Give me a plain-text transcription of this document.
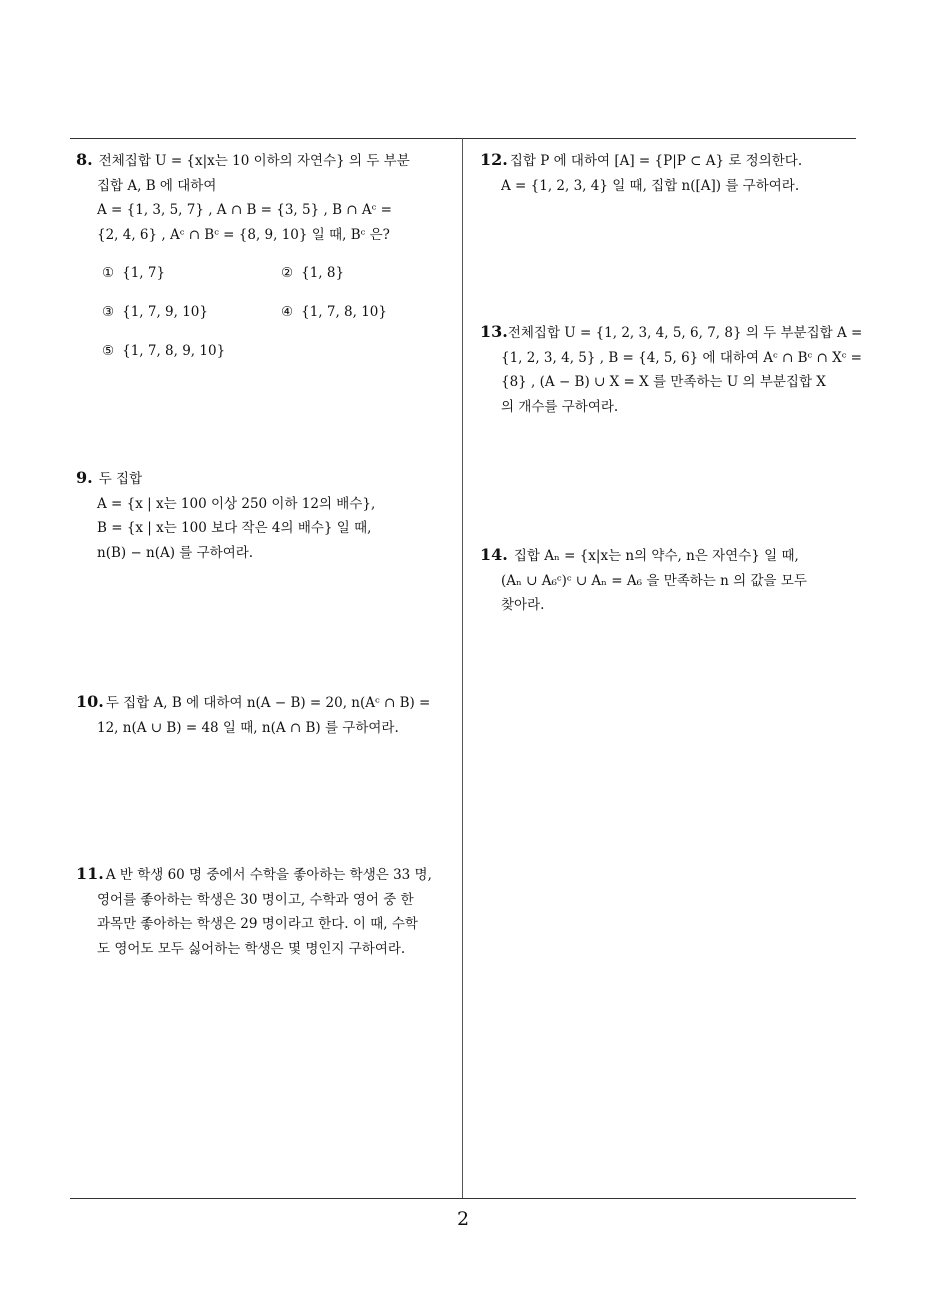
8. 전체집합 U = {x|x는 10 이하의 자연수} 의 두 부분
집합 A, B 에 대하여
A = {1, 3, 5, 7} , A ∩ B = {3, 5} , B ∩ Aᶜ =
{2, 4, 6} , Aᶜ ∩ Bᶜ = {8, 9, 10} 일 때, Bᶜ 은?
① {1, 7}	② {1, 8}
③ {1, 7, 9, 10}	④ {1, 7, 8, 10}
⑤ {1, 7, 8, 9, 10}
9. 두 집합
A = {x | x는 100 이상 250 이하 12의 배수},
B = {x | x는 100 보다 작은 4의 배수} 일 때,
n(B) − n(A) 를 구하여라.
10. 두 집합 A, B 에 대하여 n(A − B) = 20, n(Aᶜ ∩ B) =
12, n(A ∪ B) = 48 일 때, n(A ∩ B) 를 구하여라.
11. A 반 학생 60 명 중에서 수학을 좋아하는 학생은 33 명,
영어를 좋아하는 학생은 30 명이고, 수학과 영어 중 한
과목만 좋아하는 학생은 29 명이라고 한다. 이 때, 수학
도 영어도 모두 싫어하는 학생은 몇 명인지 구하여라.
12. 집합 P 에 대하여 [A] = {P|P ⊂ A} 로 정의한다.
A = {1, 2, 3, 4} 일 때, 집합 n([A]) 를 구하여라.
13.전체집합 U = {1, 2, 3, 4, 5, 6, 7, 8} 의 두 부분집합 A =
{1, 2, 3, 4, 5} , B = {4, 5, 6} 에 대하여 Aᶜ ∩ Bᶜ ∩ Xᶜ =
{8} , (A − B) ∪ X = X 를 만족하는 U 의 부분집합 X
의 개수를 구하여라.
14. 집합 Aₙ = {x|x는 n의 약수, n은 자연수} 일 때,
(Aₙ ∪ A₆ᶜ)ᶜ ∪ Aₙ = A₆ 을 만족하는 n 의 값을 모두
찾아라.
2
